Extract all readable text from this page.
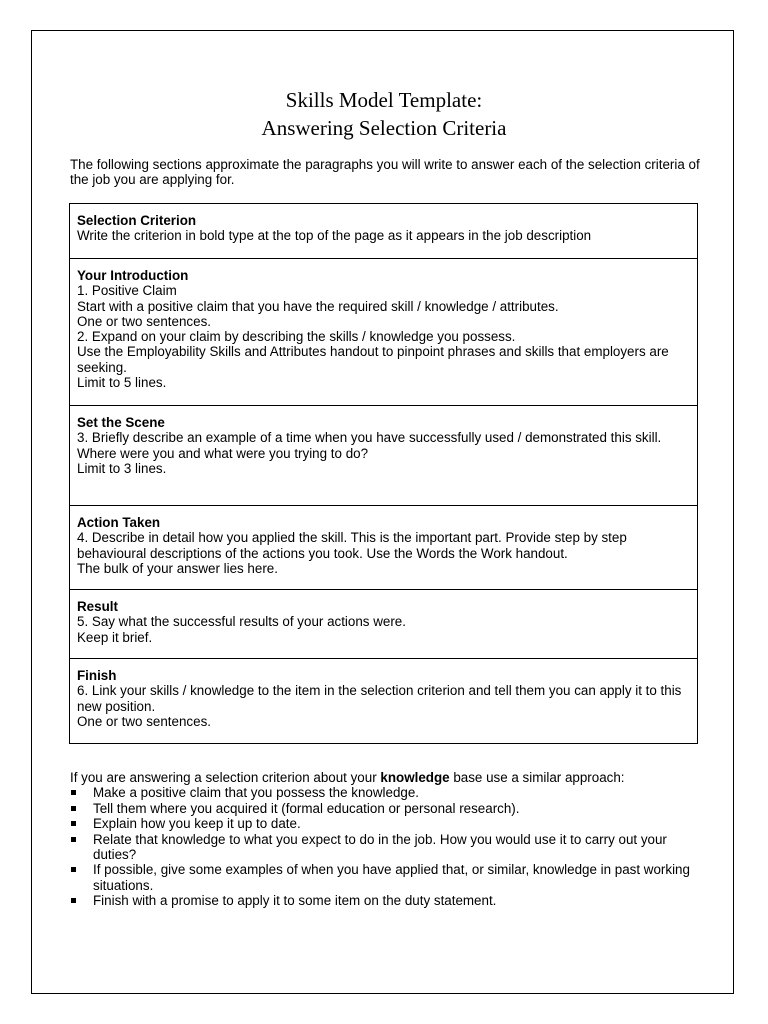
Skills Model Template:
Answering Selection Criteria

The following sections approximate the paragraphs you will write to answer each of the selection criteria of the job you are applying for.

Selection Criterion
Write the criterion in bold type at the top of the page as it appears in the job description
Your Introduction
1. Positive Claim
Start with a positive claim that you have the required skill / knowledge / attributes.
One or two sentences.
2. Expand on your claim by describing the skills / knowledge you possess.
Use the Employability Skills and Attributes handout to pinpoint phrases and skills that employers are seeking.
Limit to 5 lines.
Set the Scene
3. Briefly describe an example of a time when you have successfully used / demonstrated this skill.
Where were you and what were you trying to do?
Limit to 3 lines.
Action Taken
4. Describe in detail how you applied the skill. This is the important part. Provide step by step behavioural descriptions of the actions you took. Use the Words the Work handout.
The bulk of your answer lies here.
Result
5. Say what the successful results of your actions were.
Keep it brief.
Finish
6. Link your skills / knowledge to the item in the selection criterion and tell them you can apply it to this new position.
One or two sentences.

If you are answering a selection criterion about your knowledge base use a similar approach:

Make a positive claim that you possess the knowledge.
Tell them where you acquired it (formal education or personal research).
Explain how you keep it up to date.
Relate that knowledge to what you expect to do in the job. How you would use it to carry out your duties?
If possible, give some examples of when you have applied that, or similar, knowledge in past working situations.
Finish with a promise to apply it to some item on the duty statement.
